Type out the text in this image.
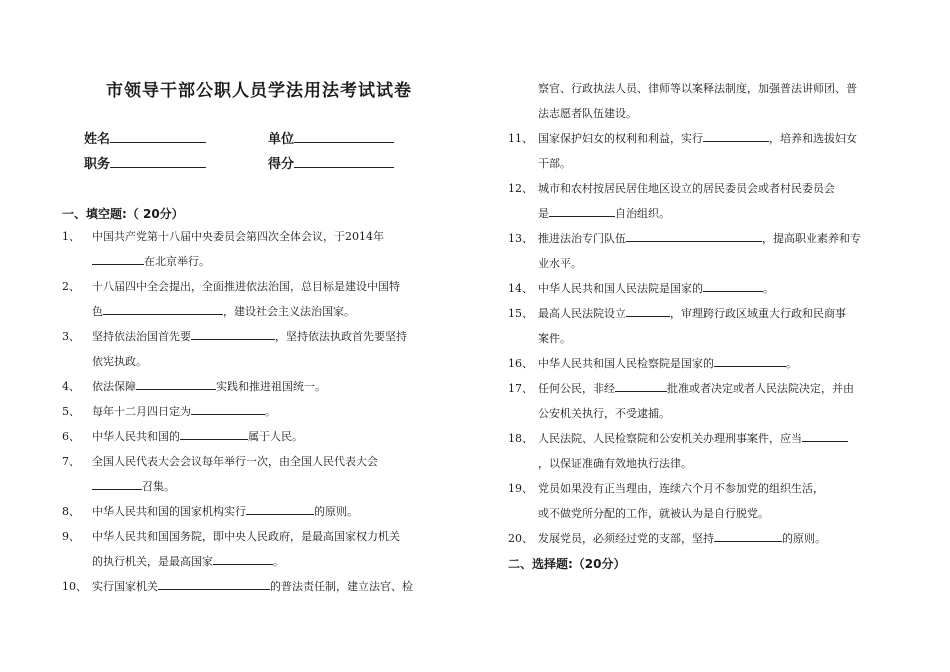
市领导干部公职人员学法用法考试试卷
姓名	单位
职务	得分
一、填空题:（ 20分）
1、 中国共产党第十八届中央委员会第四次全体会议，于2014年
在北京举行。
2、 十八届四中全会提出，全面推进依法治国，总目标是建设中国特
色	，建设社会主义法治国家。
3、 坚持依法治国首先要	，坚持依法执政首先要坚持
依宪执政。
4、 依法保障	实践和推进祖国统一。
5、 每年十二月四日定为	。
6、 中华人民共和国的	属于人民。
7、 全国人民代表大会会议每年举行一次，由全国人民代表大会
召集。
8、 中华人民共和国的国家机构实行	的原则。
9、 中华人民共和国国务院，即中央人民政府，是最高国家权力机关
的执行机关，是最高国家	。
10、 实行国家机关	的普法责任制，建立法官、检
察官、行政执法人员、律师等以案释法制度，加强普法讲师团、普
法志愿者队伍建设。
11、 国家保护妇女的权利和利益，实行	，培养和选拔妇女
干部。
12、 城市和农村按居民居住地区设立的居民委员会或者村民委员会
是	自治组织。
13、 推进法治专门队伍	，提高职业素养和专
业水平。
14、 中华人民共和国人民法院是国家的	。
15、 最高人民法院设立	，审理跨行政区域重大行政和民商事
案件。
16、 中华人民共和国人民检察院是国家的	。
17、 任何公民，非经	批准或者决定或者人民法院决定，并由
公安机关执行，不受逮捕。
18、 人民法院、人民检察院和公安机关办理刑事案件，应当
，以保证准确有效地执行法律。
19、 党员如果没有正当理由，连续六个月不参加党的组织生活，
或不做党所分配的工作，就被认为是自行脱党。
20、 发展党员，必须经过党的支部，坚持	的原则。
二、选择题:（20分）
